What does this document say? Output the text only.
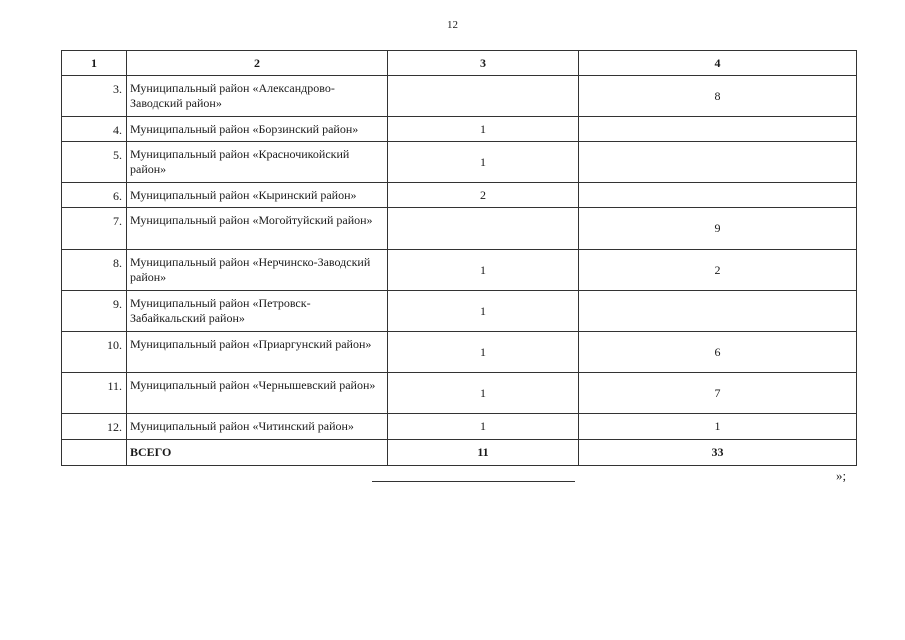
12
1	2	3	4
3.	Муниципальный район «Александрово-Заводский район»		8
4.	Муниципальный район «Борзинский район»	1	
5.	Муниципальный район «Красночикойский район»	1	
6.	Муниципальный район «Кыринский район»	2	
7.	Муниципальный район «Могойтуйский район»		9
8.	Муниципальный район «Нерчинско-Заводский район»	1	2
9.	Муниципальный район «Петровск-Забайкальский район»	1	
10.	Муниципальный район «Приаргунский район»	1	6
11.	Муниципальный район «Чернышевский район»	1	7
12.	Муниципальный район «Читинский район»	1	1
	ВСЕГО	11	33
»;
